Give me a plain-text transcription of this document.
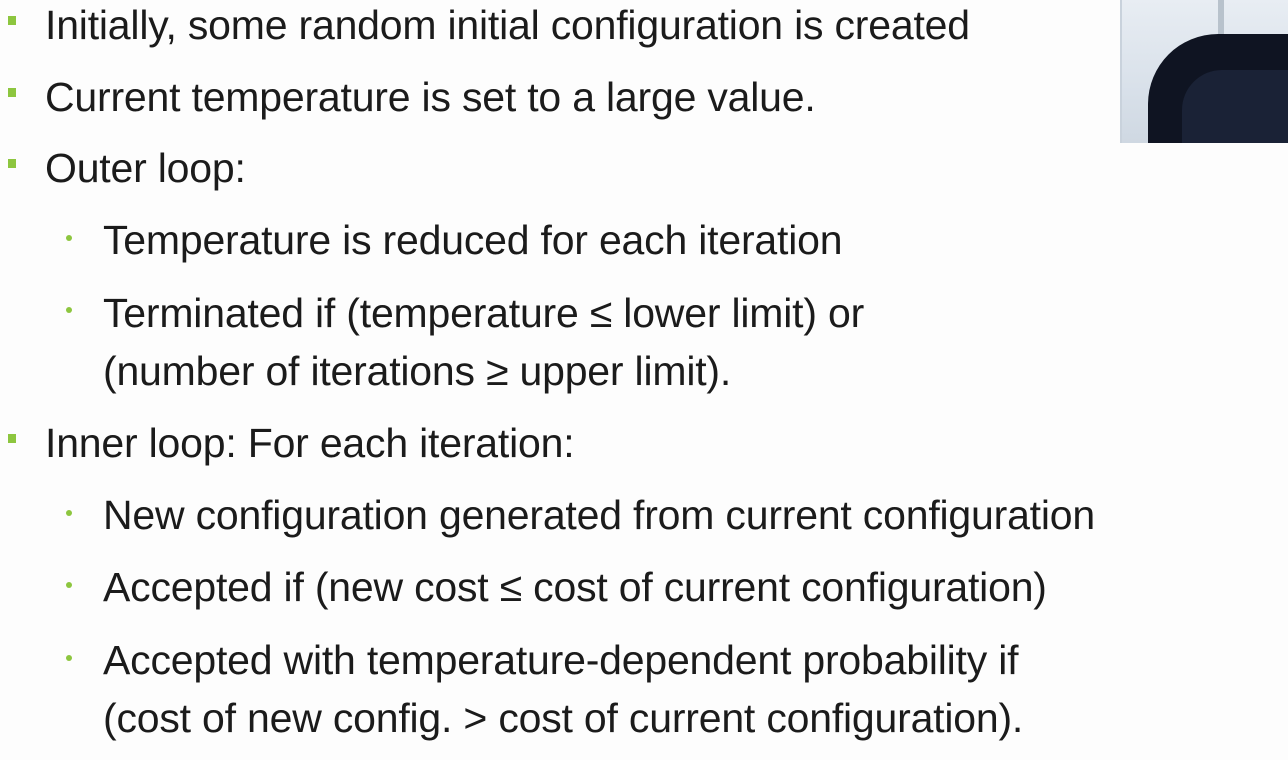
Initially, some random initial configuration is created
Current temperature is set to a large value.
Outer loop:
Temperature is reduced for each iteration
Terminated if (temperature ≤ lower limit) or
(number of iterations ≥ upper limit).
Inner loop: For each iteration:
New configuration generated from current configuration
Accepted if (new cost ≤ cost of current configuration)
Accepted with temperature-dependent probability if
(cost of new config. > cost of current configuration).
